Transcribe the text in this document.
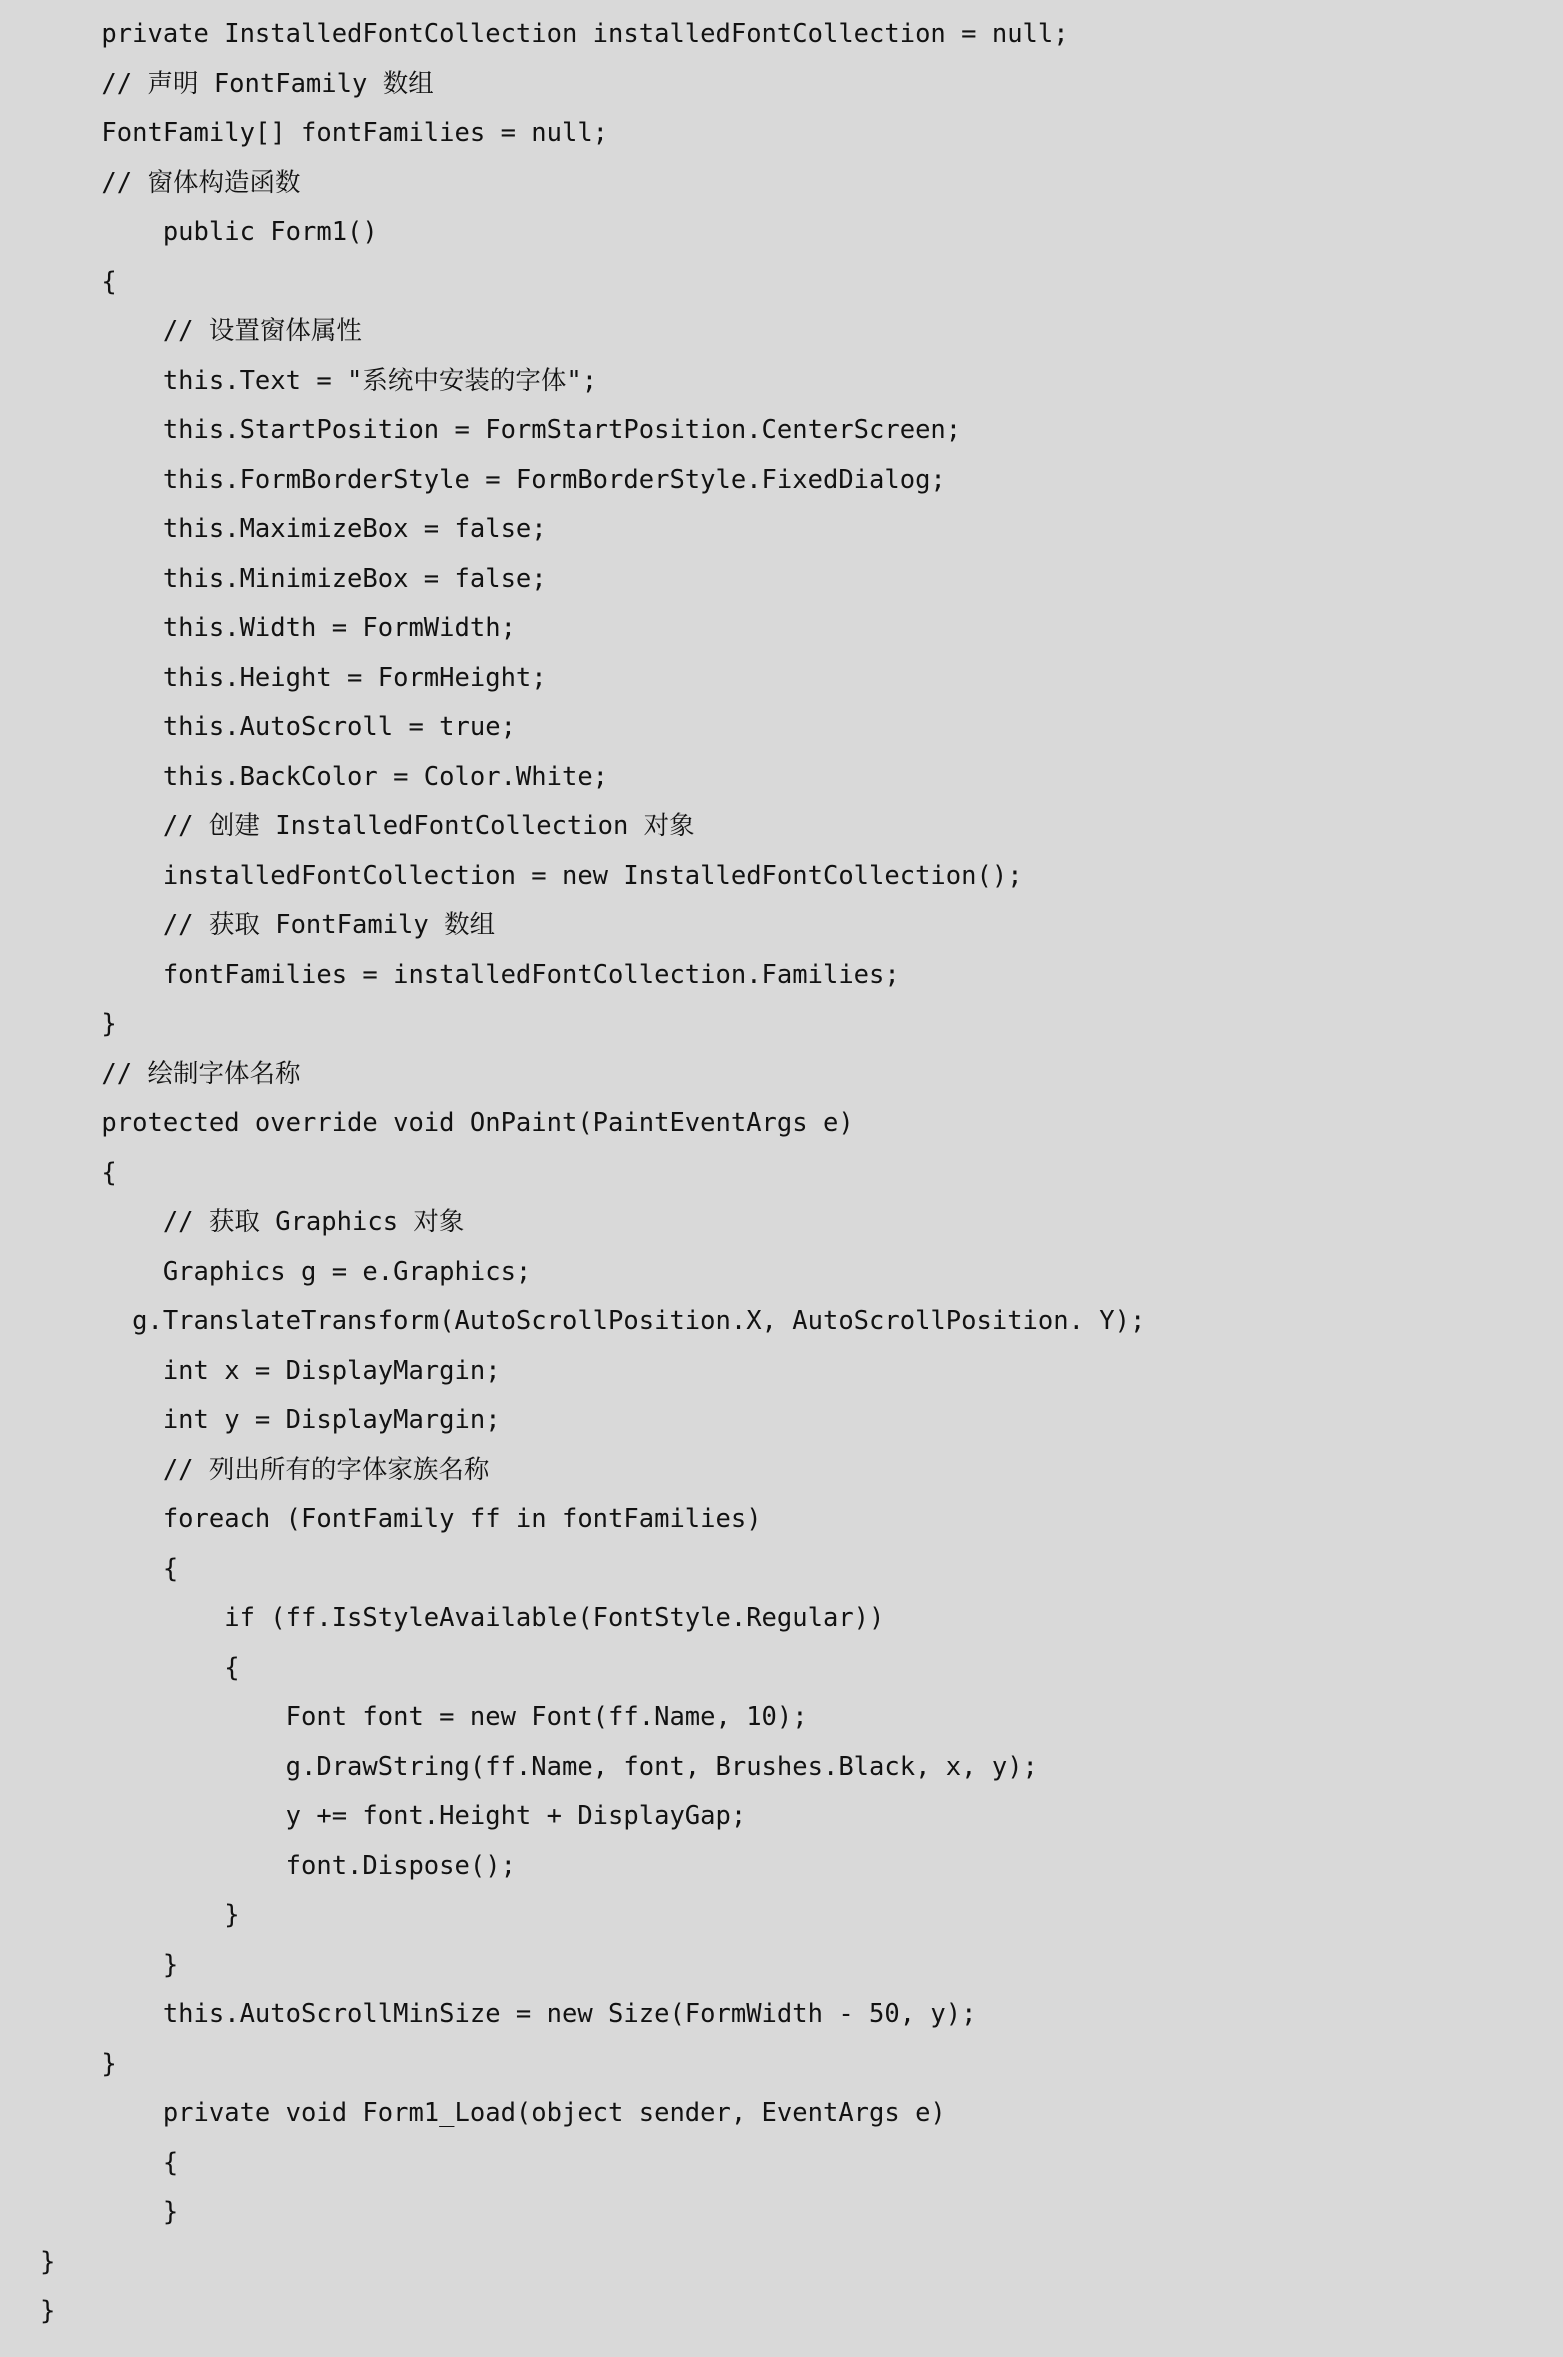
private InstalledFontCollection installedFontCollection = null;
// 声明 FontFamily 数组
FontFamily[] fontFamilies = null;
// 窗体构造函数
public Form1()
{
// 设置窗体属性
this.Text = "系统中安装的字体";
this.StartPosition = FormStartPosition.CenterScreen;
this.FormBorderStyle = FormBorderStyle.FixedDialog;
this.MaximizeBox = false;
this.MinimizeBox = false;
this.Width = FormWidth;
this.Height = FormHeight;
this.AutoScroll = true;
this.BackColor = Color.White;
// 创建 InstalledFontCollection 对象
installedFontCollection = new InstalledFontCollection();
// 获取 FontFamily 数组
fontFamilies = installedFontCollection.Families;
}
// 绘制字体名称
protected override void OnPaint(PaintEventArgs e)
{
// 获取 Graphics 对象
Graphics g = e.Graphics;
g.TranslateTransform(AutoScrollPosition.X, AutoScrollPosition. Y);
int x = DisplayMargin;
int y = DisplayMargin;
// 列出所有的字体家族名称
foreach (FontFamily ff in fontFamilies)
{
if (ff.IsStyleAvailable(FontStyle.Regular))
{
Font font = new Font(ff.Name, 10);
g.DrawString(ff.Name, font, Brushes.Black, x, y);
y += font.Height + DisplayGap;
font.Dispose();
}
}
this.AutoScrollMinSize = new Size(FormWidth - 50, y);
}
private void Form1_Load(object sender, EventArgs e)
{
}
}
}
